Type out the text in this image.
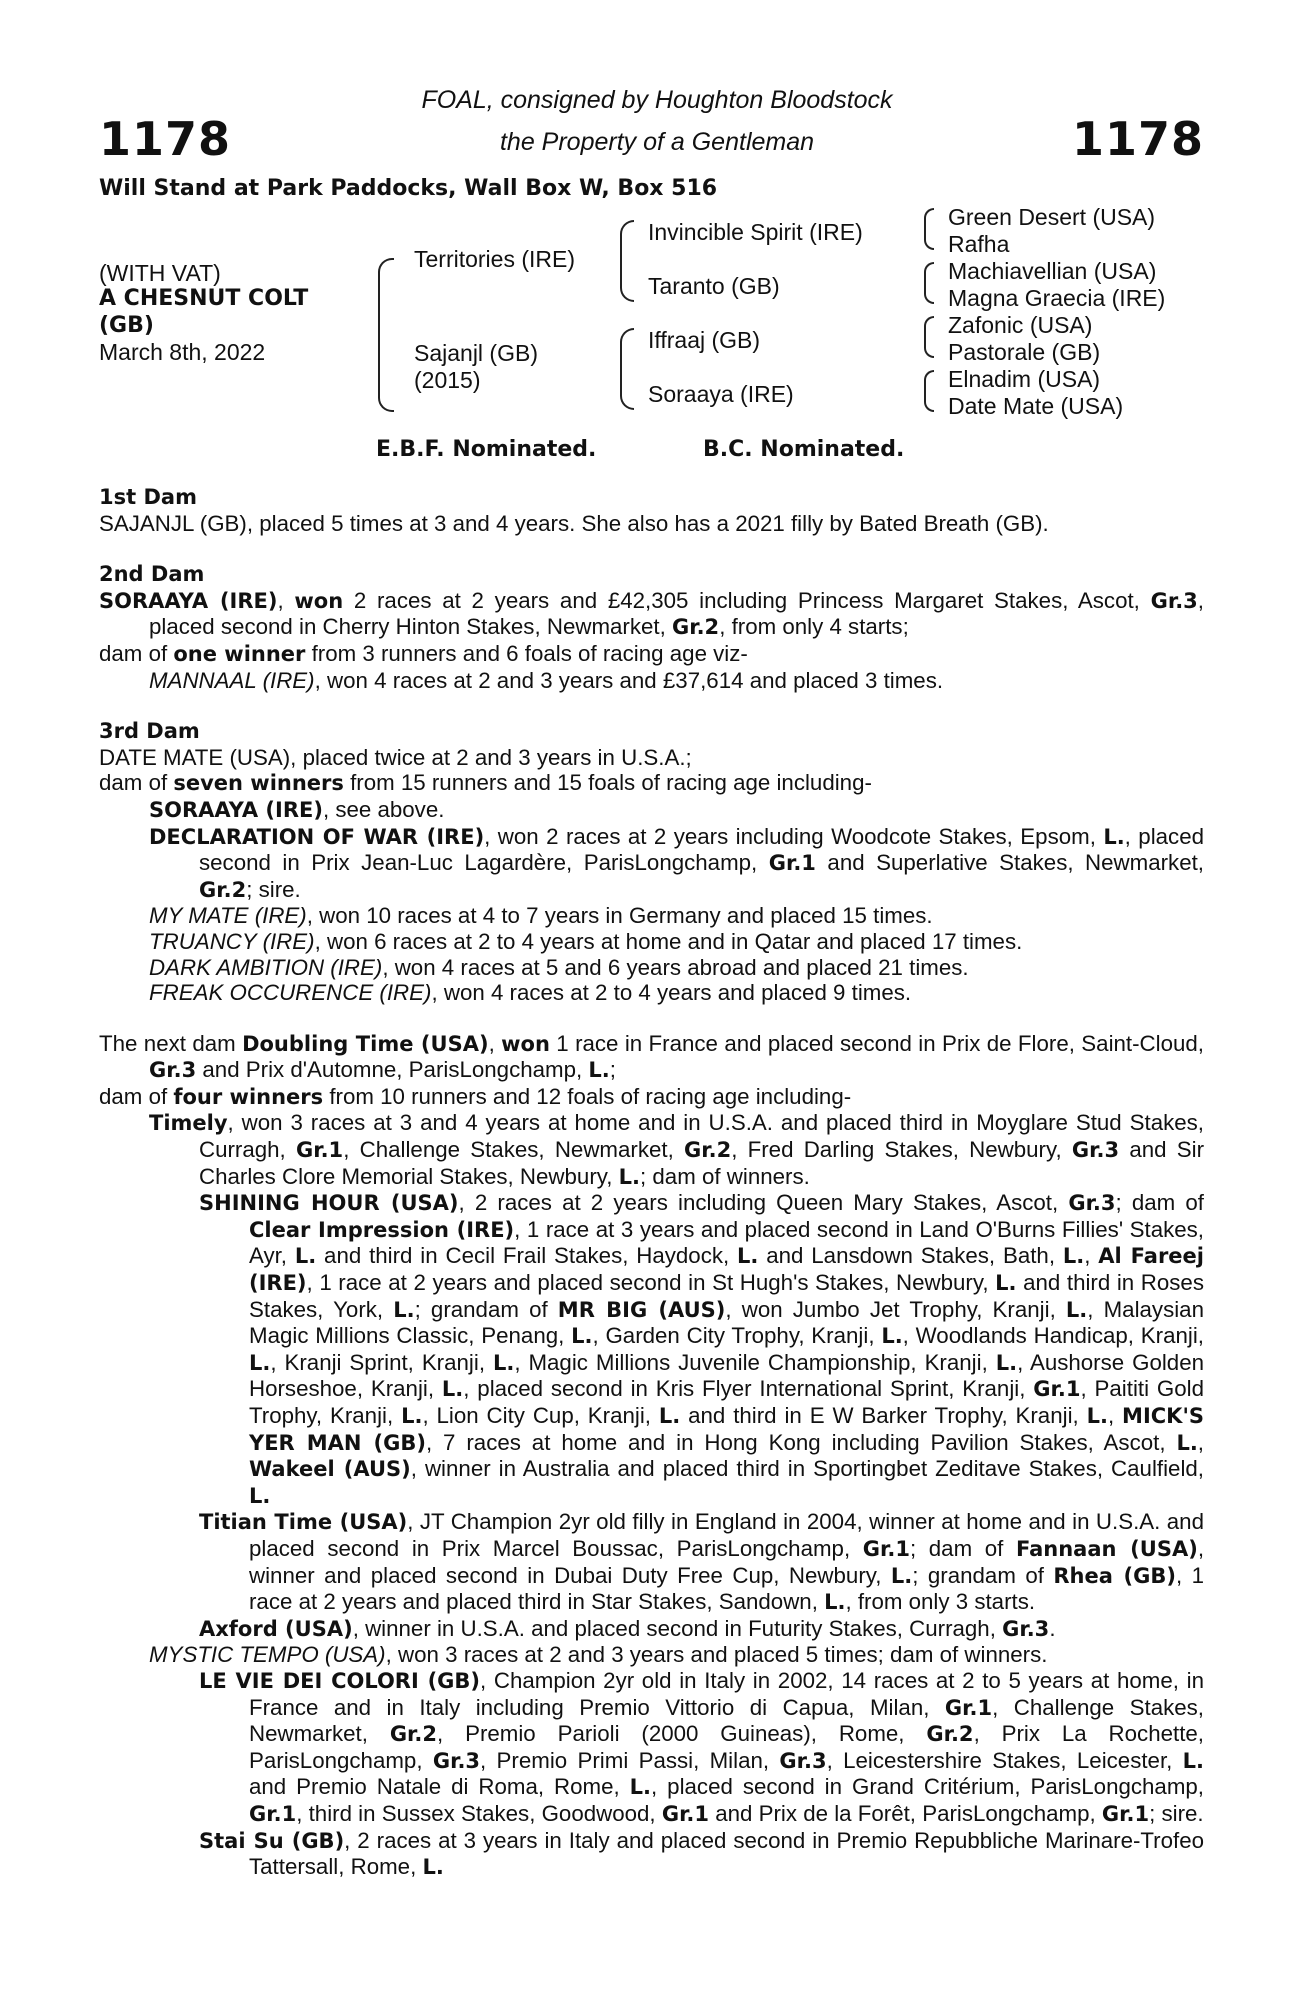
1178	1178
FOAL, consigned by Houghton Bloodstock
the Property of a Gentleman
Will Stand at Park Paddocks, Wall Box W, Box 516
(WITH VAT)
A CHESNUT COLT
(GB)
March 8th, 2022
Territories (IRE)
Sajanjl (GB)
(2015)
Invincible Spirit (IRE)
Taranto (GB)
Iffraaj (GB)
Soraaya (IRE)
Green Desert (USA)
Rafha
Machiavellian (USA)
Magna Graecia (IRE)
Zafonic (USA)
Pastorale (GB)
Elnadim (USA)
Date Mate (USA)
E.B.F. Nominated.	B.C. Nominated.

1st Dam

SAJANJL (GB), placed 5 times at 3 and 4 years. She also has a 2021 filly by Bated Breath (GB).

2nd Dam

SORAAYA (IRE), won 2 races at 2 years and £42,305 including Princess Margaret Stakes, Ascot, Gr.3, placed second in Cherry Hinton Stakes, Newmarket, Gr.2, from only 4 starts;

dam of one winner from 3 runners and 6 foals of racing age viz-

MANNAAL (IRE), won 4 races at 2 and 3 years and £37,614 and placed 3 times.

3rd Dam

DATE MATE (USA), placed twice at 2 and 3 years in U.S.A.;

dam of seven winners from 15 runners and 15 foals of racing age including-

SORAAYA (IRE), see above.

DECLARATION OF WAR (IRE), won 2 races at 2 years including Woodcote Stakes, Epsom, L., placed second in Prix Jean-Luc Lagardère, ParisLongchamp, Gr.1 and Superlative Stakes, Newmarket, Gr.2; sire.

MY MATE (IRE), won 10 races at 4 to 7 years in Germany and placed 15 times.

TRUANCY (IRE), won 6 races at 2 to 4 years at home and in Qatar and placed 17 times.

DARK AMBITION (IRE), won 4 races at 5 and 6 years abroad and placed 21 times.

FREAK OCCURENCE (IRE), won 4 races at 2 to 4 years and placed 9 times.

The next dam Doubling Time (USA), won 1 race in France and placed second in Prix de Flore, Saint-Cloud, Gr.3 and Prix d'Automne, ParisLongchamp, L.;

dam of four winners from 10 runners and 12 foals of racing age including-

Timely, won 3 races at 3 and 4 years at home and in U.S.A. and placed third in Moyglare Stud Stakes, Curragh, Gr.1, Challenge Stakes, Newmarket, Gr.2, Fred Darling Stakes, Newbury, Gr.3 and Sir Charles Clore Memorial Stakes, Newbury, L.; dam of winners.

SHINING HOUR (USA), 2 races at 2 years including Queen Mary Stakes, Ascot, Gr.3; dam of Clear Impression (IRE), 1 race at 3 years and placed second in Land O'Burns Fillies' Stakes, Ayr, L. and third in Cecil Frail Stakes, Haydock, L. and Lansdown Stakes, Bath, L., Al Fareej (IRE), 1 race at 2 years and placed second in St Hugh's Stakes, Newbury, L. and third in Roses Stakes, York, L.; grandam of MR BIG (AUS), won Jumbo Jet Trophy, Kranji, L., Malaysian Magic Millions Classic, Penang, L., Garden City Trophy, Kranji, L., Woodlands Handicap, Kranji, L., Kranji Sprint, Kranji, L., Magic Millions Juvenile Championship, Kranji, L., Aushorse Golden Horseshoe, Kranji, L., placed second in Kris Flyer International Sprint, Kranji, Gr.1, Paititi Gold Trophy, Kranji, L., Lion City Cup, Kranji, L. and third in E W Barker Trophy, Kranji, L., MICK'S YER MAN (GB), 7 races at home and in Hong Kong including Pavilion Stakes, Ascot, L., Wakeel (AUS), winner in Australia and placed third in Sportingbet Zeditave Stakes, Caulfield, L.

Titian Time (USA), JT Champion 2yr old filly in England in 2004, winner at home and in U.S.A. and placed second in Prix Marcel Boussac, ParisLongchamp, Gr.1; dam of Fannaan (USA), winner and placed second in Dubai Duty Free Cup, Newbury, L.; grandam of Rhea (GB), 1 race at 2 years and placed third in Star Stakes, Sandown, L., from only 3 starts.

Axford (USA), winner in U.S.A. and placed second in Futurity Stakes, Curragh, Gr.3.

MYSTIC TEMPO (USA), won 3 races at 2 and 3 years and placed 5 times; dam of winners.

LE VIE DEI COLORI (GB), Champion 2yr old in Italy in 2002, 14 races at 2 to 5 years at home, in France and in Italy including Premio Vittorio di Capua, Milan, Gr.1, Challenge Stakes, Newmarket, Gr.2, Premio Parioli (2000 Guineas), Rome, Gr.2, Prix La Rochette, ParisLongchamp, Gr.3, Premio Primi Passi, Milan, Gr.3, Leicestershire Stakes, Leicester, L. and Premio Natale di Roma, Rome, L., placed second in Grand Critérium, ParisLongchamp, Gr.1, third in Sussex Stakes, Goodwood, Gr.1 and Prix de la Forêt, ParisLongchamp, Gr.1; sire.

Stai Su (GB), 2 races at 3 years in Italy and placed second in Premio Repubbliche Marinare-Trofeo Tattersall, Rome, L.
